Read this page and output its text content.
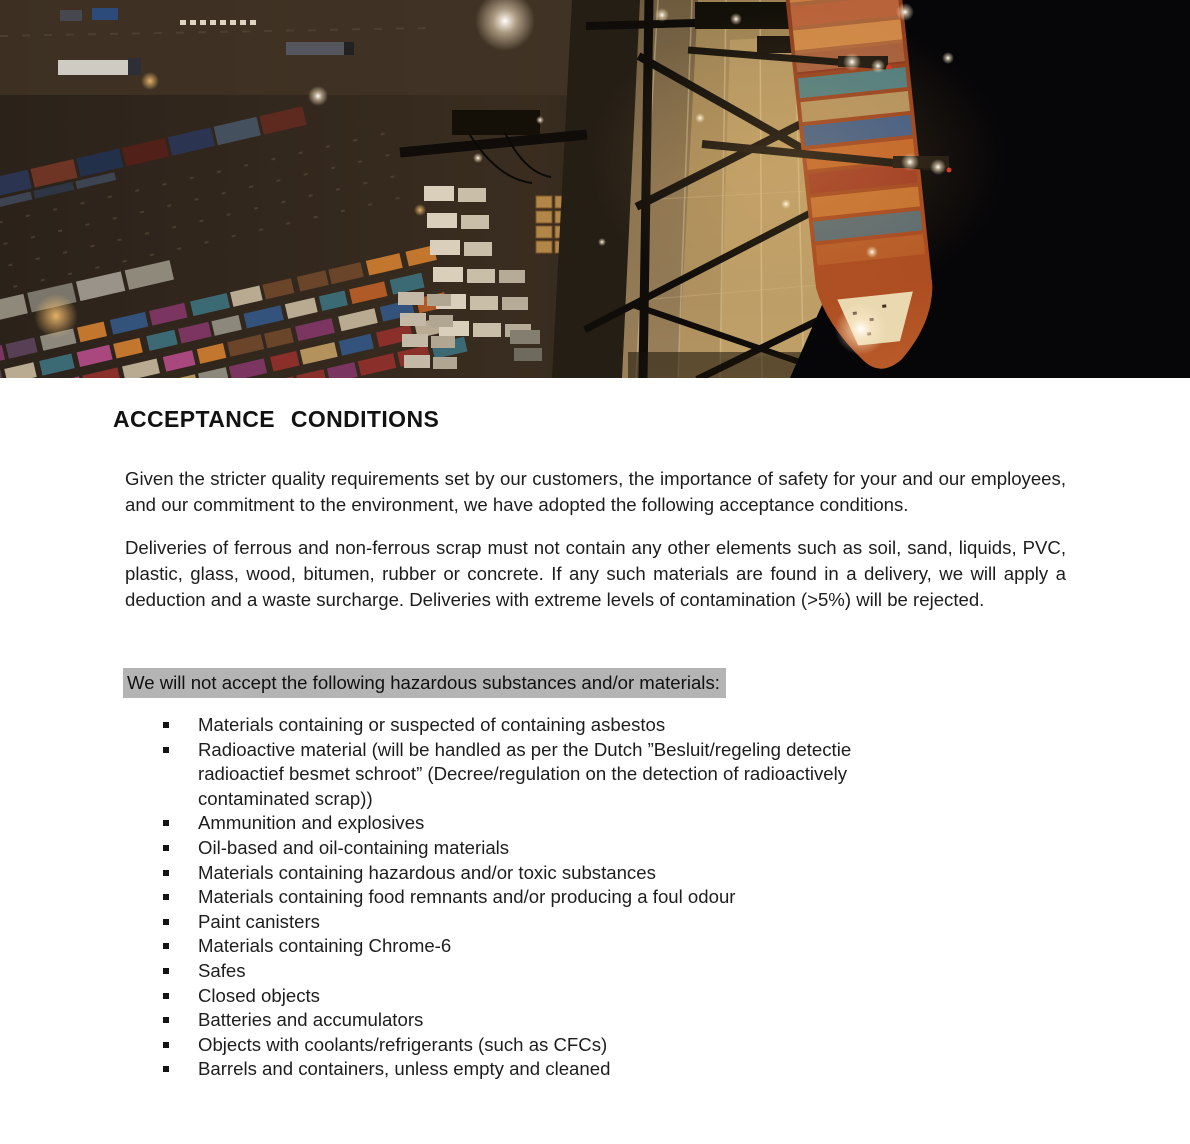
ACCEPTANCE CONDITIONS

Given the stricter quality requirements set by our customers, the importance of safety for your and our employees, and our commitment to the environment, we have adopted the following acceptance conditions.

Deliveries of ferrous and non-ferrous scrap must not contain any other elements such as soil, sand, liquids, PVC, plastic, glass, wood, bitumen, rubber or concrete. If any such materials are found in a delivery, we will apply a deduction and a waste surcharge. Deliveries with extreme levels of contamination (>5%) will be rejected.

We will not accept the following hazardous substances and/or materials:
Materials containing or suspected of containing asbestos
Radioactive material (will be handled as per the Dutch ”Besluit/regeling detectie radioactief besmet schroot” (Decree/regulation on the detection of radioactively contaminated scrap))
Ammunition and explosives
Oil-based and oil-containing materials
Materials containing hazardous and/or toxic substances
Materials containing food remnants and/or producing a foul odour
Paint canisters
Materials containing Chrome-6
Safes
Closed objects
Batteries and accumulators
Objects with coolants/refrigerants (such as CFCs)
Barrels and containers, unless empty and cleaned
